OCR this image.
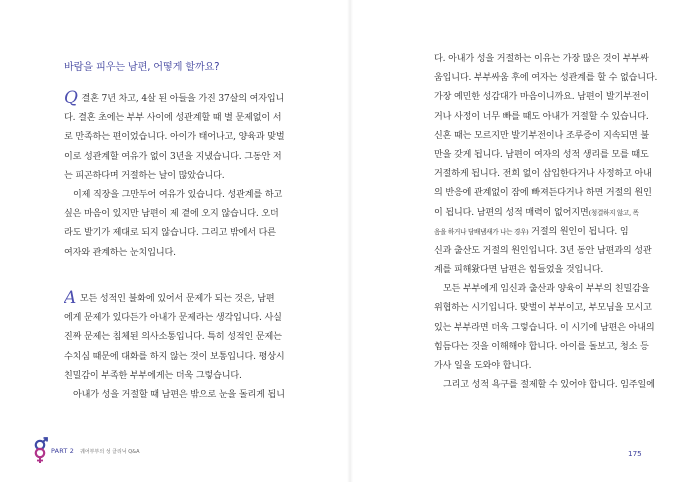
바람을 피우는 남편, 어떻게 할까요?
Q 결혼 7년 차고, 4살 된 아들을 가진 37살의 여자입니
다. 결혼 초에는 부부 사이에 성관계할 때 별 문제없이 서
로 만족하는 편이었습니다. 아이가 태어나고, 양육과 맞벌
이로 성관계할 여유가 없이 3년을 지냈습니다. 그동안 저
는 피곤하다며 거절하는 날이 많았습니다.
　이제 직장을 그만두어 여유가 있습니다. 성관계를 하고
싶은 마음이 있지만 남편이 제 곁에 오지 않습니다. 오더
라도 발기가 제대로 되지 않습니다. 그리고 밖에서 다른
여자와 관계하는 눈치입니다.
A 모든 성적인 불화에 있어서 문제가 되는 것은, 남편
에게 문제가 있다든가 아내가 문제라는 생각입니다. 사실
진짜 문제는 침체된 의사소통입니다. 특히 성적인 문제는
수치심 때문에 대화를 하지 않는 것이 보통입니다. 평상시
친밀감이 부족한 부부에게는 더욱 그렇습니다.
　아내가 성을 거절할 때 남편은 밖으로 눈을 돌리게 됩니
PART 2 궤어부부의 성 클리닉 Q&A
다. 아내가 성을 거절하는 이유는 가장 많은 것이 부부싸
움입니다. 부부싸움 후에 여자는 성관계를 할 수 없습니다.
가장 예민한 성감대가 마음이니까요. 남편이 발기부전이
거나 사정이 너무 빠를 때도 아내가 거절할 수 있습니다.
신혼 때는 모르지만 발기부전이나 조루증이 지속되면 불
만을 갖게 됩니다. 남편이 여자의 성적 생리를 모를 때도
거절하게 됩니다. 전희 없이 삽입한다거나 사정하고 아내
의 반응에 관계없이 잠에 빠져든다거나 하면 거절의 원인
이 됩니다. 남편의 성적 매력이 없어지면(청결하지 않고, 폭
음을 하거나 담배냄새가 나는 경우) 거절의 원인이 됩니다. 임
신과 출산도 거절의 원인입니다. 3년 동안 남편과의 성관
계를 피해왔다면 남편은 힘들었을 것입니다.
　모든 부부에게 임신과 출산과 양육이 부부의 친밀감을
위협하는 시기입니다. 맞벌이 부부이고, 부모님을 모시고
있는 부부라면 더욱 그렇습니다. 이 시기에 남편은 아내의
힘듬다는 것을 이해해야 합니다. 아이를 돌보고, 청소 등
가사 일을 도와야 합니다.
　그리고 성적 욕구를 절제할 수 있어야 합니다. 임주일에
175
